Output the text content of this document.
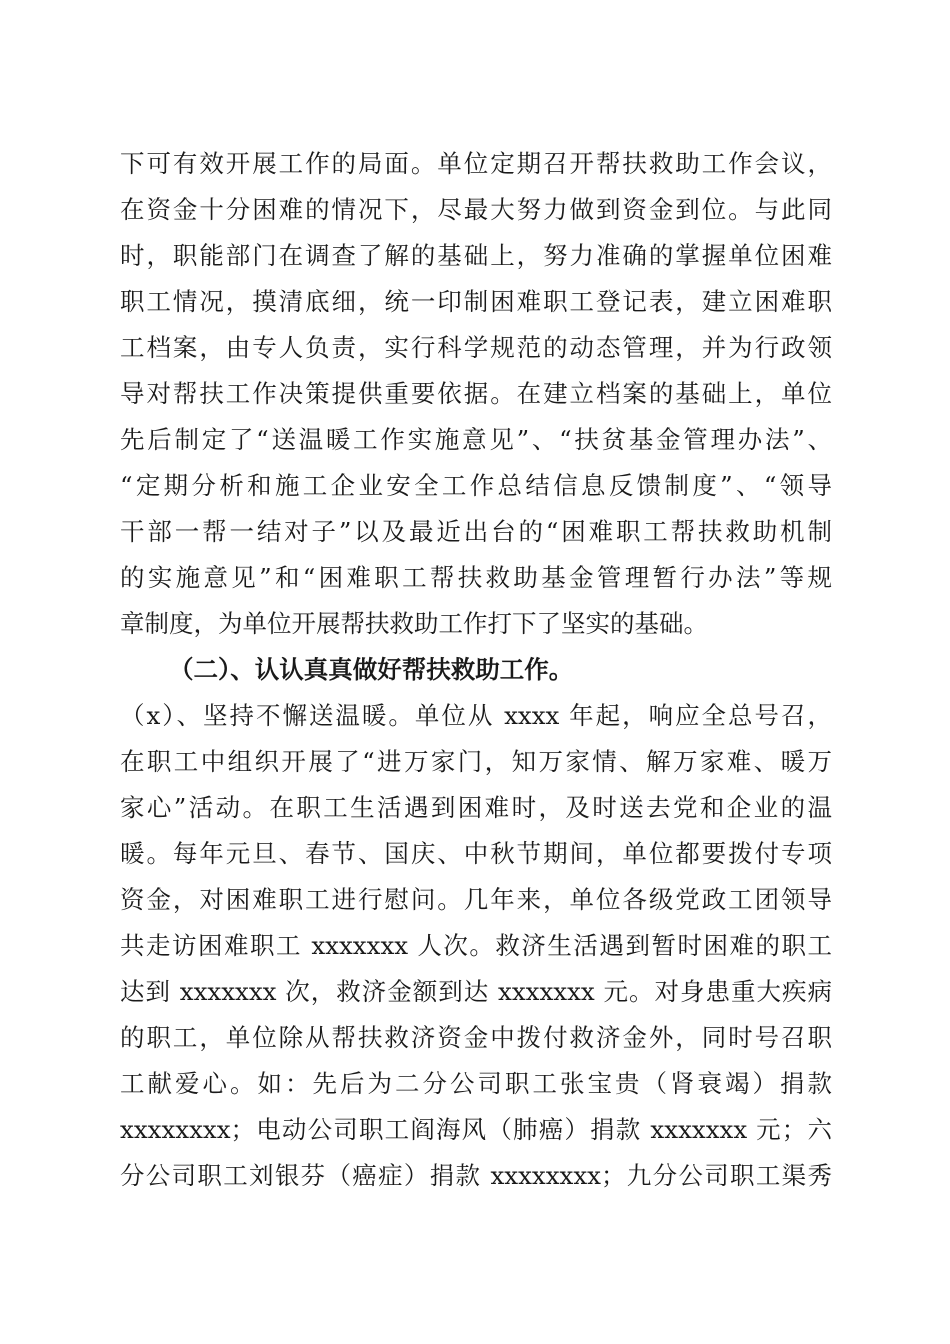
下可有效开展工作的局面。单位定期召开帮扶救助工作会议，
在资金十分困难的情况下，尽最大努力做到资金到位。与此同
时，职能部门在调查了解的基础上，努力准确的掌握单位困难
职工情况，摸清底细，统一印制困难职工登记表，建立困难职
工档案，由专人负责，实行科学规范的动态管理，并为行政领
导对帮扶工作决策提供重要依据。在建立档案的基础上，单位
先后制定了“送温暖工作实施意见”、“扶贫基金管理办法”、
“定期分析和施工企业安全工作总结信息反馈制度”、“领导
干部一帮一结对子”以及最近出台的“困难职工帮扶救助机制
的实施意见”和“困难职工帮扶救助基金管理暂行办法”等规
章制度，为单位开展帮扶救助工作打下了坚实的基础。
（二）、认认真真做好帮扶救助工作。
（x）、坚持不懈送温暖。单位从 xxxx 年起，响应全总号召，
在职工中组织开展了“进万家门，知万家情、解万家难、暖万
家心”活动。在职工生活遇到困难时，及时送去党和企业的温
暖。每年元旦、春节、国庆、中秋节期间，单位都要拨付专项
资金，对困难职工进行慰问。几年来，单位各级党政工团领导
共走访困难职工 xxxxxxx 人次。救济生活遇到暂时困难的职工
达到 xxxxxxx 次，救济金额到达 xxxxxxx 元。对身患重大疾病
的职工，单位除从帮扶救济资金中拨付救济金外，同时号召职
工献爱心。如：先后为二分公司职工张宝贵（肾衰竭）捐款
xxxxxxxx；电动公司职工阎海风（肺癌）捐款 xxxxxxx 元；六
分公司职工刘银芬（癌症）捐款 xxxxxxxx；九分公司职工渠秀
